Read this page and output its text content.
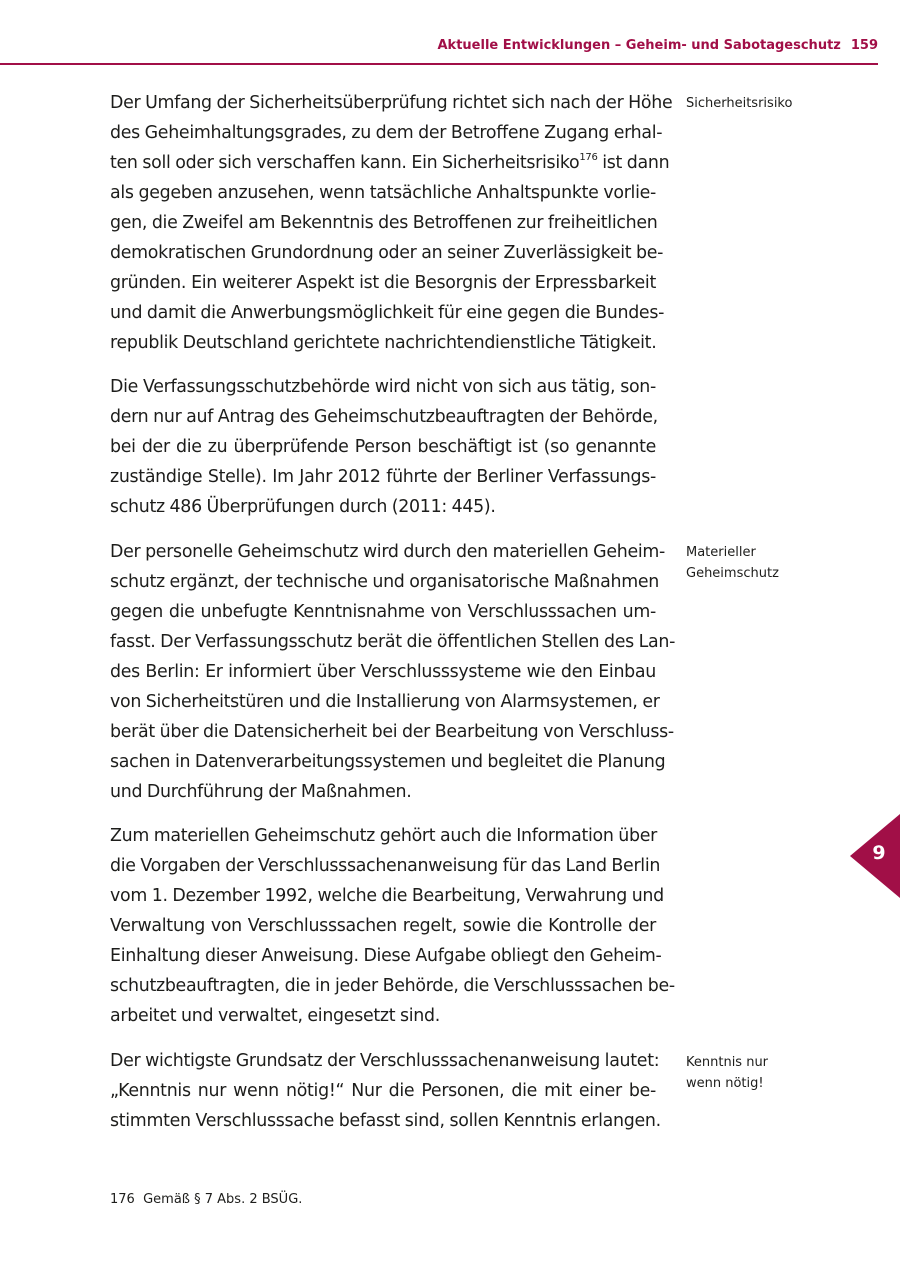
Aktuelle Entwicklungen – Geheim- und Sabotageschutz 159

Der Umfang der Sicherheitsüberprüfung richtet sich nach der Höhe
des Geheimhaltungsgrades, zu dem der Betroffene Zugang erhal-
ten soll oder sich verschaffen kann. Ein Sicherheitsrisiko$^{176}$ ist dann
als gegeben anzusehen, wenn tatsächliche Anhaltspunkte vorlie-
gen, die Zweifel am Bekenntnis des Betroffenen zur freiheitlichen
demokratischen Grundordnung oder an seiner Zuverlässigkeit be-
gründen. Ein weiterer Aspekt ist die Besorgnis der Erpressbarkeit
und damit die Anwerbungsmöglichkeit für eine gegen die Bundes-
republik Deutschland gerichtete nachrichtendienstliche Tätigkeit.

Die Verfassungsschutzbehörde wird nicht von sich aus tätig, son-
dern nur auf Antrag des Geheimschutzbeauftragten der Behörde,
bei der die zu überprüfende Person beschäftigt ist (so genannte
zuständige Stelle). Im Jahr 2012 führte der Berliner Verfassungs-
schutz 486 Überprüfungen durch (2011: 445).

Der personelle Geheimschutz wird durch den materiellen Geheim-
schutz ergänzt, der technische und organisatorische Maßnahmen
gegen die unbefugte Kenntnisnahme von Verschlusssachen um-
fasst. Der Verfassungsschutz berät die öffentlichen Stellen des Lan-
des Berlin: Er informiert über Verschlusssysteme wie den Einbau
von Sicherheitstüren und die Installierung von Alarmsystemen, er
berät über die Datensicherheit bei der Bearbeitung von Verschluss-
sachen in Datenverarbeitungssystemen und begleitet die Planung
und Durchführung der Maßnahmen.

Zum materiellen Geheimschutz gehört auch die Information über
die Vorgaben der Verschlusssachenanweisung für das Land Berlin
vom 1. Dezember 1992, welche die Bearbeitung, Verwahrung und
Verwaltung von Verschlusssachen regelt, sowie die Kontrolle der
Einhaltung dieser Anweisung. Diese Aufgabe obliegt den Geheim-
schutzbeauftragten, die in jeder Behörde, die Verschlusssachen be-
arbeitet und verwaltet, eingesetzt sind.

Der wichtigste Grundsatz der Verschlusssachenanweisung lautet:
„Kenntnis nur wenn nötig!“ Nur die Personen, die mit einer be-
stimmten Verschlusssache befasst sind, sollen Kenntnis erlangen.

Sicherheitsrisiko
Materieller
Geheimschutz
Kenntnis nur
wenn nötig!
9
176 Gemäß § 7 Abs. 2 BSÜG.
